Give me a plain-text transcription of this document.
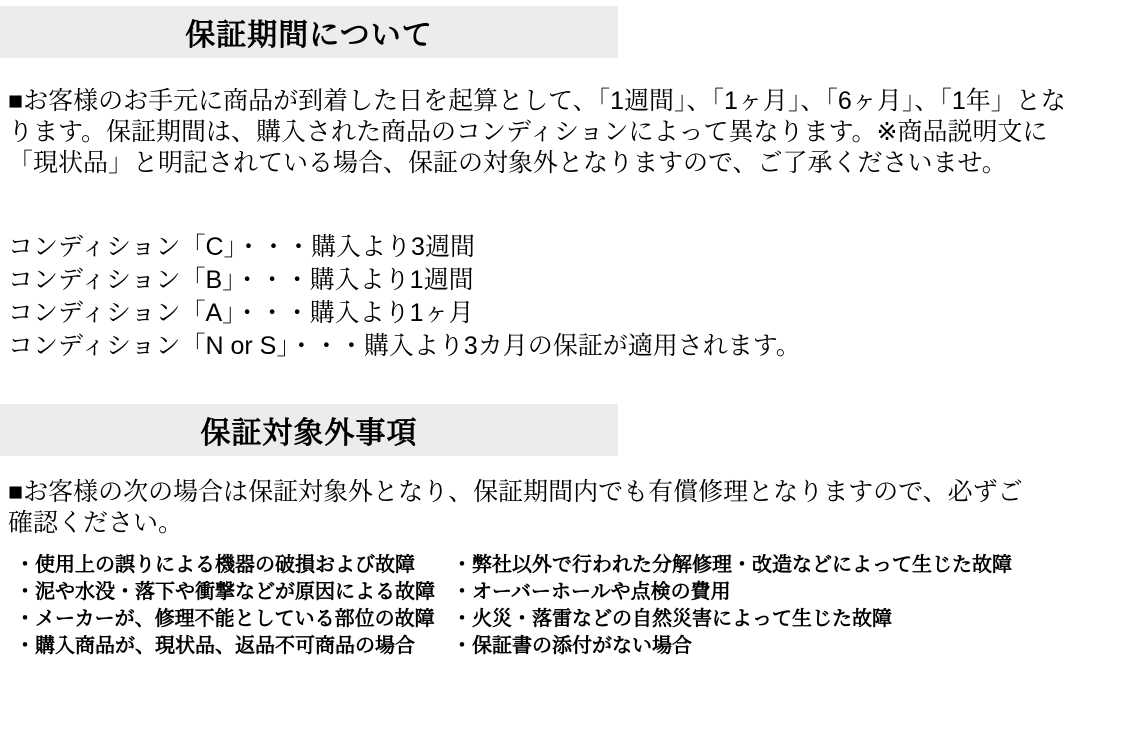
保証期間について
■お客様のお手元に商品が到着した日を起算として、「1週間」、「1ヶ月」、「6ヶ月」、「1年」とな
ります。保証期間は、購入された商品のコンディションによって異なります。※商品説明文に
「現状品」と明記されている場合、保証の対象外となりますので、ご了承くださいませ。
コンディション「C」・・・購入より3週間
コンディション「B」・・・購入より1週間
コンディション「A」・・・購入より1ヶ月
コンディション「N or S」・・・購入より3カ月の保証が適用されます。
保証対象外事項
■お客様の次の場合は保証対象外となり、保証期間内でも有償修理となりますので、必ずご
確認ください。
・使用上の誤りによる機器の破損および故障
・泥や水没・落下や衝撃などが原因による故障
・メーカーが、修理不能としている部位の故障
・購入商品が、現状品、返品不可商品の場合
・弊社以外で行われた分解修理・改造などによって生じた故障
・オーバーホールや点検の費用
・火災・落雷などの自然災害によって生じた故障
・保証書の添付がない場合
